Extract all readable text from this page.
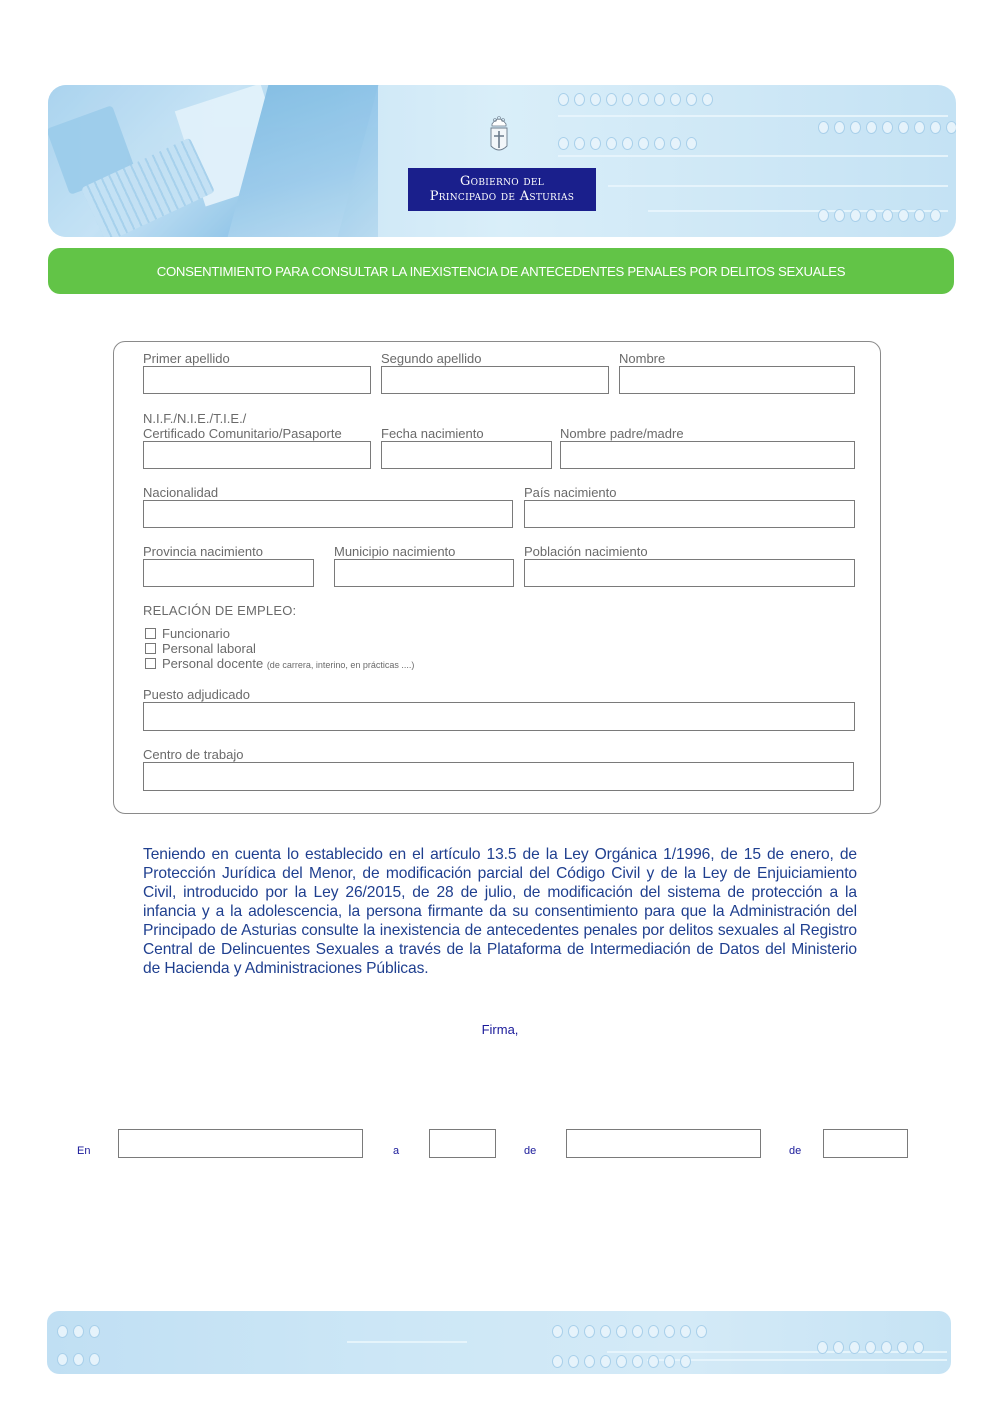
Gobierno del
Principado de Asturias
CONSENTIMIENTO PARA CONSULTAR LA INEXISTENCIA DE ANTECEDENTES PENALES POR DELITOS SEXUALES
Primer apellido	Segundo apellido	Nombre
N.I.F./N.I.E./T.I.E./
Certificado Comunitario/Pasaporte	Fecha nacimiento	Nombre padre/madre
Nacionalidad	País nacimiento
Provincia nacimiento	Municipio nacimiento	Población nacimiento
RELACIÓN DE EMPLEO:
Funcionario
Personal laboral
Personal docente (de carrera, interino, en prácticas ....)
Puesto adjudicado
Centro de trabajo
Teniendo en cuenta lo establecido en el artículo 13.5 de la Ley Orgánica 1/1996, de 15 de enero, de Protección Jurídica del Menor, de modificación parcial del Código Civil y de la Ley de Enjuiciamiento Civil, introducido por la Ley 26/2015, de 28 de julio, de modificación del sistema de protección a la infancia y a la adolescencia, la persona firmante da su consentimiento para que la Administración del Principado de Asturias consulte la inexistencia de antecedentes penales por delitos sexuales al Registro Central de Delincuentes Sexuales a través de la Plataforma de Intermediación de Datos del Ministerio de Hacienda y Administraciones Públicas.
Firma,
En	a	de	de
